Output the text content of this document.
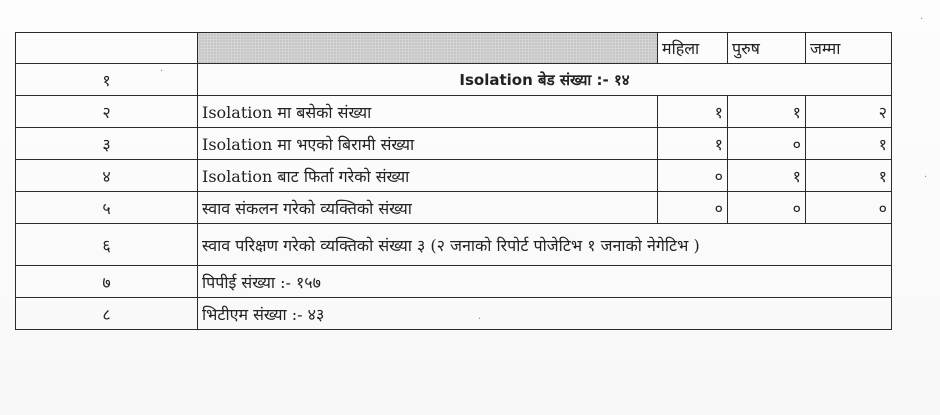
		महिला	पुरुष	जम्मा
१	Isolation बेड संख्या :- १४			
२	Isolation मा बसेको संख्या	१	१	२
३	Isolation मा भएको बिरामी संख्या	१	०	१
४	Isolation बाट फिर्ता गरेको संख्या	०	१	१
५	स्वाव संकलन गरेको व्यक्तिको संख्या	०	०	०
६	स्वाव परिक्षण गरेको व्यक्तिको संख्या ३ (२ जनाको रिपोर्ट पोजेटिभ १ जनाको नेगेटिभ )			
७	पिपीई संख्या :- १५७			
८	भिटीएम संख्या :- ४३			
·
·
·
·
